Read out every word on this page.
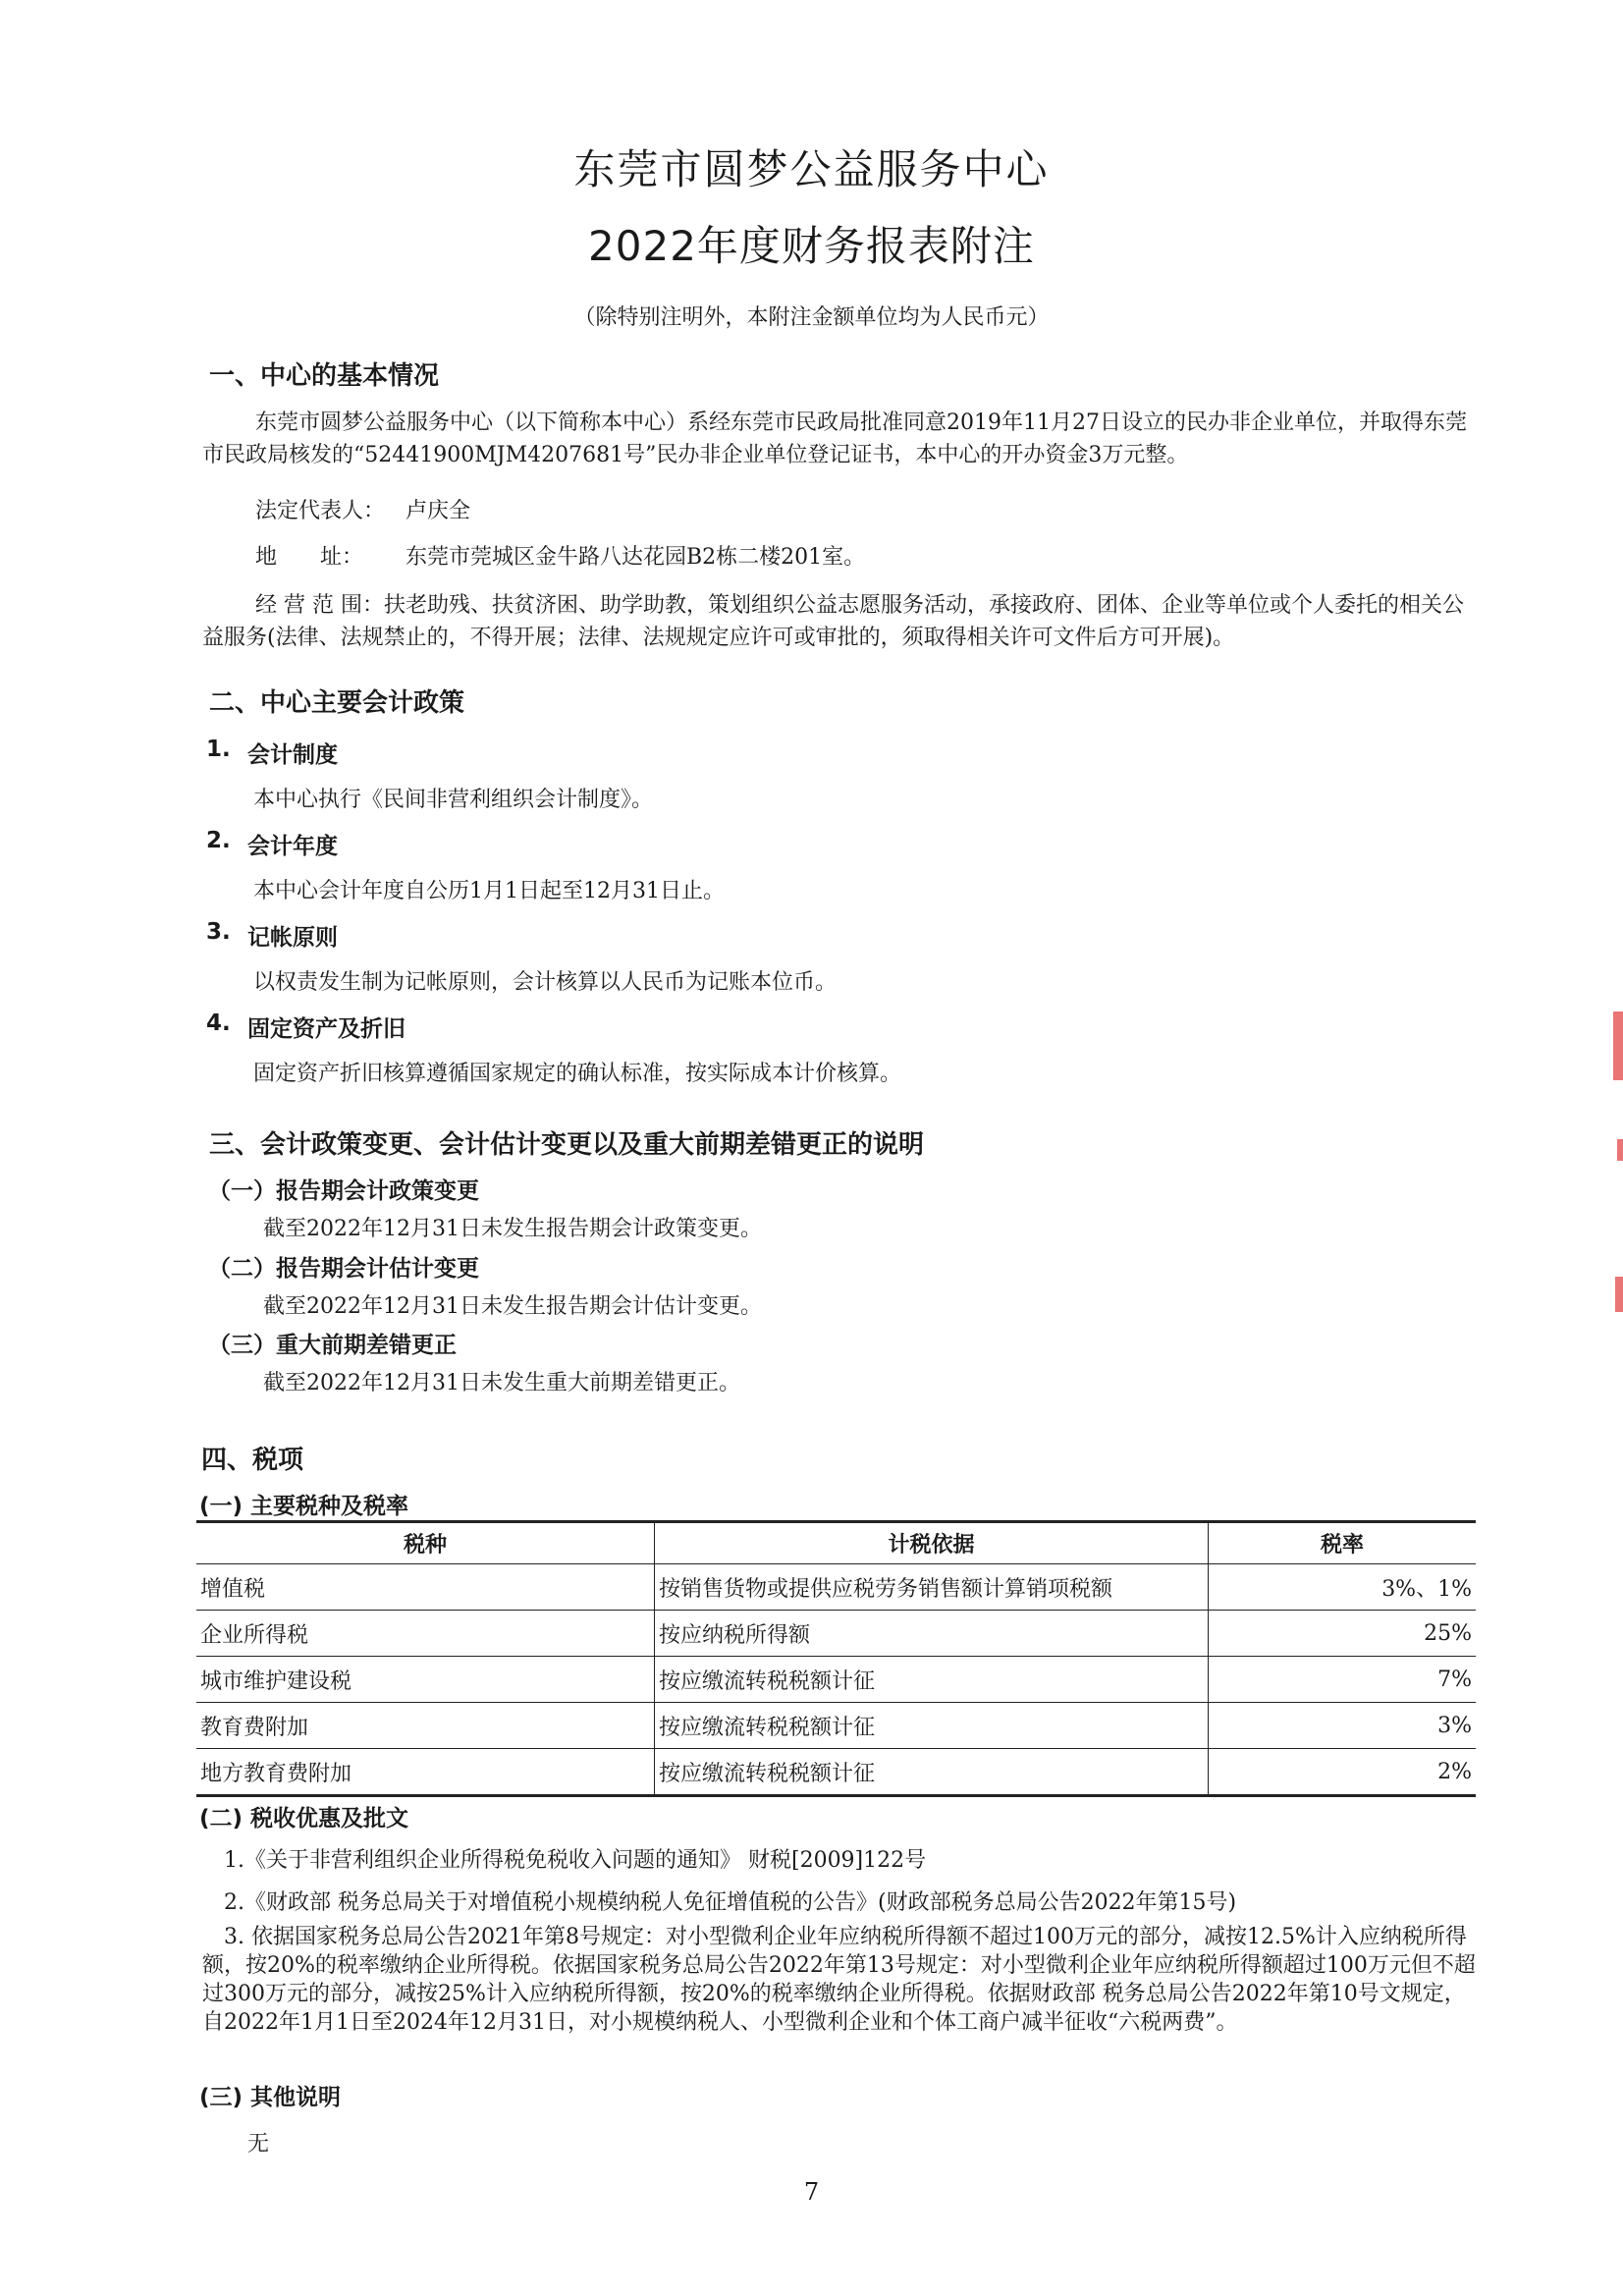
东莞市圆梦公益服务中心
2022年度财务报表附注
（除特别注明外，本附注金额单位均为人民币元）
一、中心的基本情况
东莞市圆梦公益服务中心（以下简称本中心）系经东莞市民政局批准同意2019年11月27日设立的民办非企业单位，并取得东莞市民政局核发的“52441900MJM4207681号”民办非企业单位登记证书，本中心的开办资金3万元整。
法定代表人： 卢庆全
地　　址： 东莞市莞城区金牛路八达花园B2栋二楼201室。
经 营 范 围：扶老助残、扶贫济困、助学助教，策划组织公益志愿服务活动，承接政府、团体、企业等单位或个人委托的相关公益服务(法律、法规禁止的，不得开展；法律、法规规定应许可或审批的，须取得相关许可文件后方可开展)。
二、中心主要会计政策
1. 会计制度
本中心执行《民间非营利组织会计制度》。
2. 会计年度
本中心会计年度自公历1月1日起至12月31日止。
3. 记帐原则
以权责发生制为记帐原则，会计核算以人民币为记账本位币。
4. 固定资产及折旧
固定资产折旧核算遵循国家规定的确认标准，按实际成本计价核算。
三、会计政策变更、会计估计变更以及重大前期差错更正的说明
（一）报告期会计政策变更
截至2022年12月31日未发生报告期会计政策变更。
（二）报告期会计估计变更
截至2022年12月31日未发生报告期会计估计变更。
（三）重大前期差错更正
截至2022年12月31日未发生重大前期差错更正。
四、税项
(一) 主要税种及税率
税种	计税依据	税率
增值税	按销售货物或提供应税劳务销售额计算销项税额	3%、1%
企业所得税	按应纳税所得额	25%
城市维护建设税	按应缴流转税税额计征	7%
教育费附加	按应缴流转税税额计征	3%
地方教育费附加	按应缴流转税税额计征	2%
(二) 税收优惠及批文
1.《关于非营利组织企业所得税免税收入问题的通知》 财税[2009]122号
2.《财政部 税务总局关于对增值税小规模纳税人免征增值税的公告》(财政部税务总局公告2022年第15号)
3. 依据国家税务总局公告2021年第8号规定：对小型微利企业年应纳税所得额不超过100万元的部分，减按12.5%计入应纳税所得额，按20%的税率缴纳企业所得税。依据国家税务总局公告2022年第13号规定：对小型微利企业年应纳税所得额超过100万元但不超过300万元的部分，减按25%计入应纳税所得额，按20%的税率缴纳企业所得税。依据财政部 税务总局公告2022年第10号文规定，自2022年1月1日至2024年12月31日，对小规模纳税人、小型微利企业和个体工商户减半征收“六税两费”。
(三) 其他说明
无
7
